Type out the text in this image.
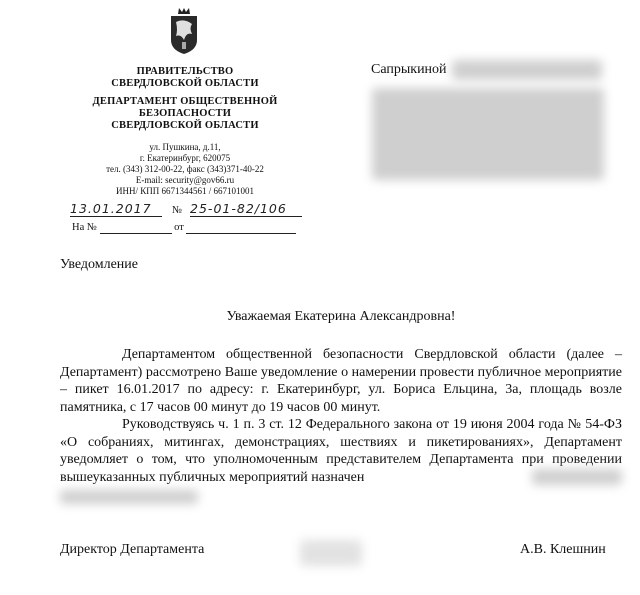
ПРАВИТЕЛЬСТВО
СВЕРДЛОВСКОЙ ОБЛАСТИ
ДЕПАРТАМЕНТ ОБЩЕСТВЕННОЙ
БЕЗОПАСНОСТИ
СВЕРДЛОВСКОЙ ОБЛАСТИ
ул. Пушкина, д.11,
г. Екатеринбург, 620075
тел. (343) 312-00-22, факс (343)371-40-22
E-mail: security@gov66.ru
ИНН/ КПП 6671344561 / 667101001
13.01.2017 № 25-01-82/106
На №	от
Сапрыкиной
Уведомление
Уважаемая Екатерина Александровна!
Департаментом общественной безопасности Свердловской области (далее – Департамент) рассмотрено Ваше уведомление о намерении провести публичное мероприятие – пикет 16.01.2017 по адресу: г. Екатеринбург, ул. Бориса Ельцина, 3а, площадь возле памятника, с 17 часов 00 минут до 19 часов 00 минут.
Руководствуясь ч. 1 п. 3 ст. 12 Федерального закона от 19 июня 2004 года № 54-ФЗ «О собраниях, митингах, демонстрациях, шествиях и пикетированиях», Департамент уведомляет о том, что уполномоченным представителем Департамента при проведении вышеуказанных публичных мероприятий назначен
Директор Департамента	А.В. Клешнин
